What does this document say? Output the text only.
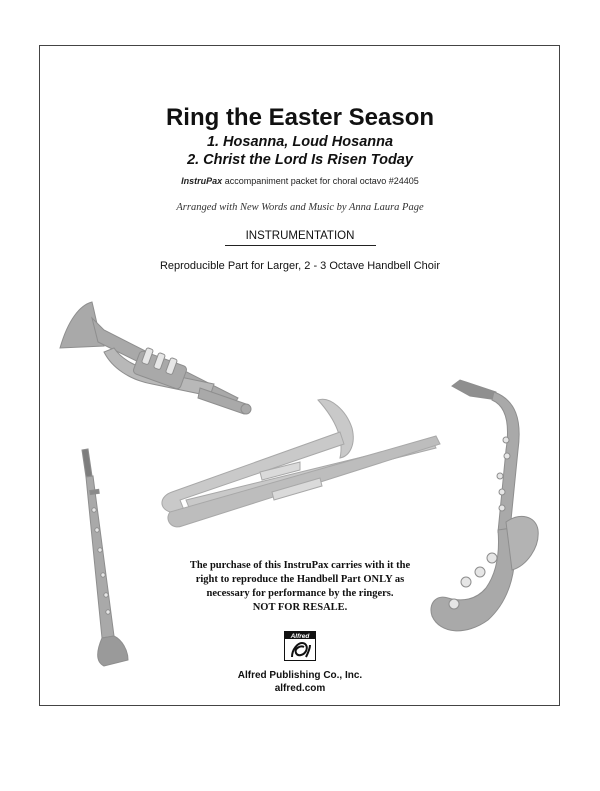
Ring the Easter Season
1. Hosanna, Loud Hosanna
2. Christ the Lord Is Risen Today
InstruPax accompaniment packet for choral octavo #24405
Arranged with New Words and Music by Anna Laura Page
INSTRUMENTATION
Reproducible Part for Larger, 2 - 3 Octave Handbell Choir
The purchase of this InstruPax carries with it the
right to reproduce the Handbell Part ONLY as
necessary for performance by the ringers.
NOT FOR RESALE.
Alfred
Alfred Publishing Co., Inc.
alfred.com
